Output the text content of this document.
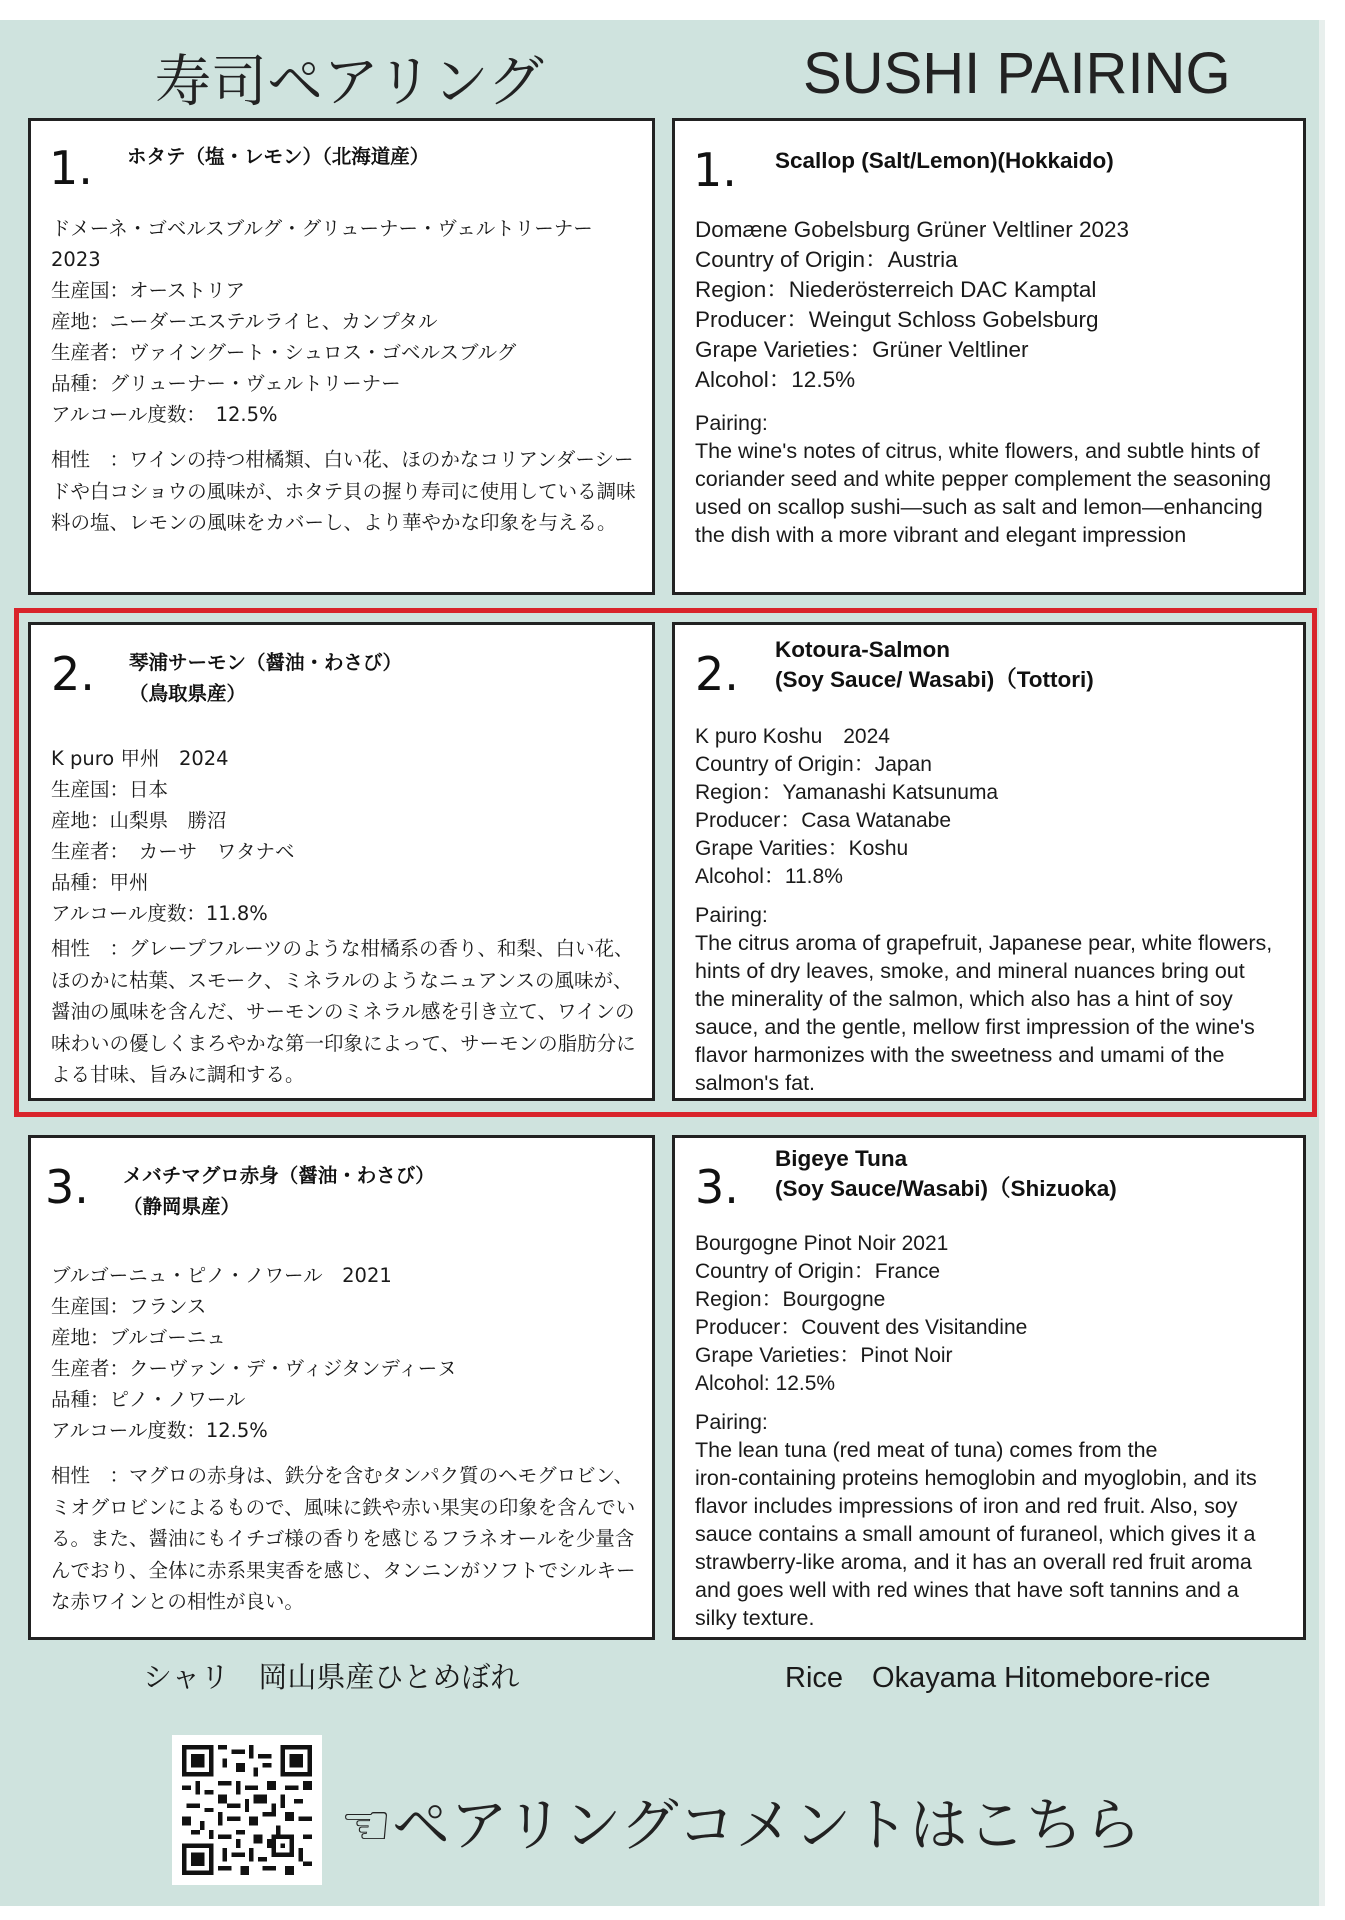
寿司ペアリング	SUSHI PAIRING
1. ホタテ（塩・レモン）（北海道産）
ドメーネ・ゴベルスブルグ・グリューナー・ヴェルトリーナー
2023
生産国：オーストリア
産地：ニーダーエステルライヒ、カンプタル
生産者：ヴァイングート・シュロス・ゴベルスブルグ
品種：グリューナー・ヴェルトリーナー
アルコール度数：　12.5%
相性　：ワインの持つ柑橘類、白い花、ほのかなコリアンダーシードや白コショウの風味が、ホタテ貝の握り寿司に使用している調味料の塩、レモンの風味をカバーし、より華やかな印象を与える。
1. Scallop (Salt/Lemon)(Hokkaido)
Domæne Gobelsburg Grüner Veltliner 2023
Country of Origin：Austria
Region：Niederösterreich DAC Kamptal
Producer：Weingut Schloss Gobelsburg
Grape Varieties：Grüner Veltliner
Alcohol：12.5%
Pairing:
The wine's notes of citrus, white flowers, and subtle hints of
coriander seed and white pepper complement the seasoning
used on scallop sushi—such as salt and lemon—enhancing
the dish with a more vibrant and elegant impression
2. 琴浦サーモン（醤油・わさび）
（鳥取県産）
K puro 甲州　2024
生産国：日本
産地：山梨県　勝沼
生産者：　カーサ　ワタナベ
品種：甲州
アルコール度数：11.8%
相性　：グレープフルーツのような柑橘系の香り、和梨、白い花、ほのかに枯葉、スモーク、ミネラルのようなニュアンスの風味が、醤油の風味を含んだ、サーモンのミネラル感を引き立て、ワインの味わいの優しくまろやかな第一印象によって、サーモンの脂肪分による甘味、旨みに調和する。
2. Kotoura-Salmon
(Soy Sauce/ Wasabi)（Tottori)
K puro Koshu　2024
Country of Origin：Japan
Region：Yamanashi Katsunuma
Producer：Casa Watanabe
Grape Varities：Koshu
Alcohol：11.8%
Pairing:
The citrus aroma of grapefruit, Japanese pear, white flowers,
hints of dry leaves, smoke, and mineral nuances bring out
the minerality of the salmon, which also has a hint of soy
sauce, and the gentle, mellow first impression of the wine's
flavor harmonizes with the sweetness and umami of the
salmon's fat.
3. メバチマグロ赤身（醤油・わさび）
（静岡県産）
ブルゴーニュ・ピノ・ノワール　2021
生産国：フランス
産地：ブルゴーニュ
生産者：クーヴァン・デ・ヴィジタンディーヌ
品種：ピノ・ノワール
アルコール度数：12.5%
相性　：マグロの赤身は、鉄分を含むタンパク質のヘモグロビン、ミオグロビンによるもので、風味に鉄や赤い果実の印象を含んでいる。また、醤油にもイチゴ様の香りを感じるフラネオールを少量含んでおり、全体に赤系果実香を感じ、タンニンがソフトでシルキーな赤ワインとの相性が良い。
3.
Bigeye Tuna
(Soy Sauce/Wasabi)（Shizuoka)
Bourgogne Pinot Noir 2021
Country of Origin：France
Region：Bourgogne
Producer：Couvent des Visitandine
Grape Varieties：Pinot Noir
Alcohol: 12.5%
Pairing:
The lean tuna (red meat of tuna) comes from the
iron-containing proteins hemoglobin and myoglobin, and its
flavor includes impressions of iron and red fruit. Also, soy
sauce contains a small amount of furaneol, which gives it a
strawberry-like aroma, and it has an overall red fruit aroma
and goes well with red wines that have soft tannins and a
silky texture.
シャリ　岡山県産ひとめぼれ	Rice　Okayama Hitomebore-rice
☜ペアリングコメントはこちら
